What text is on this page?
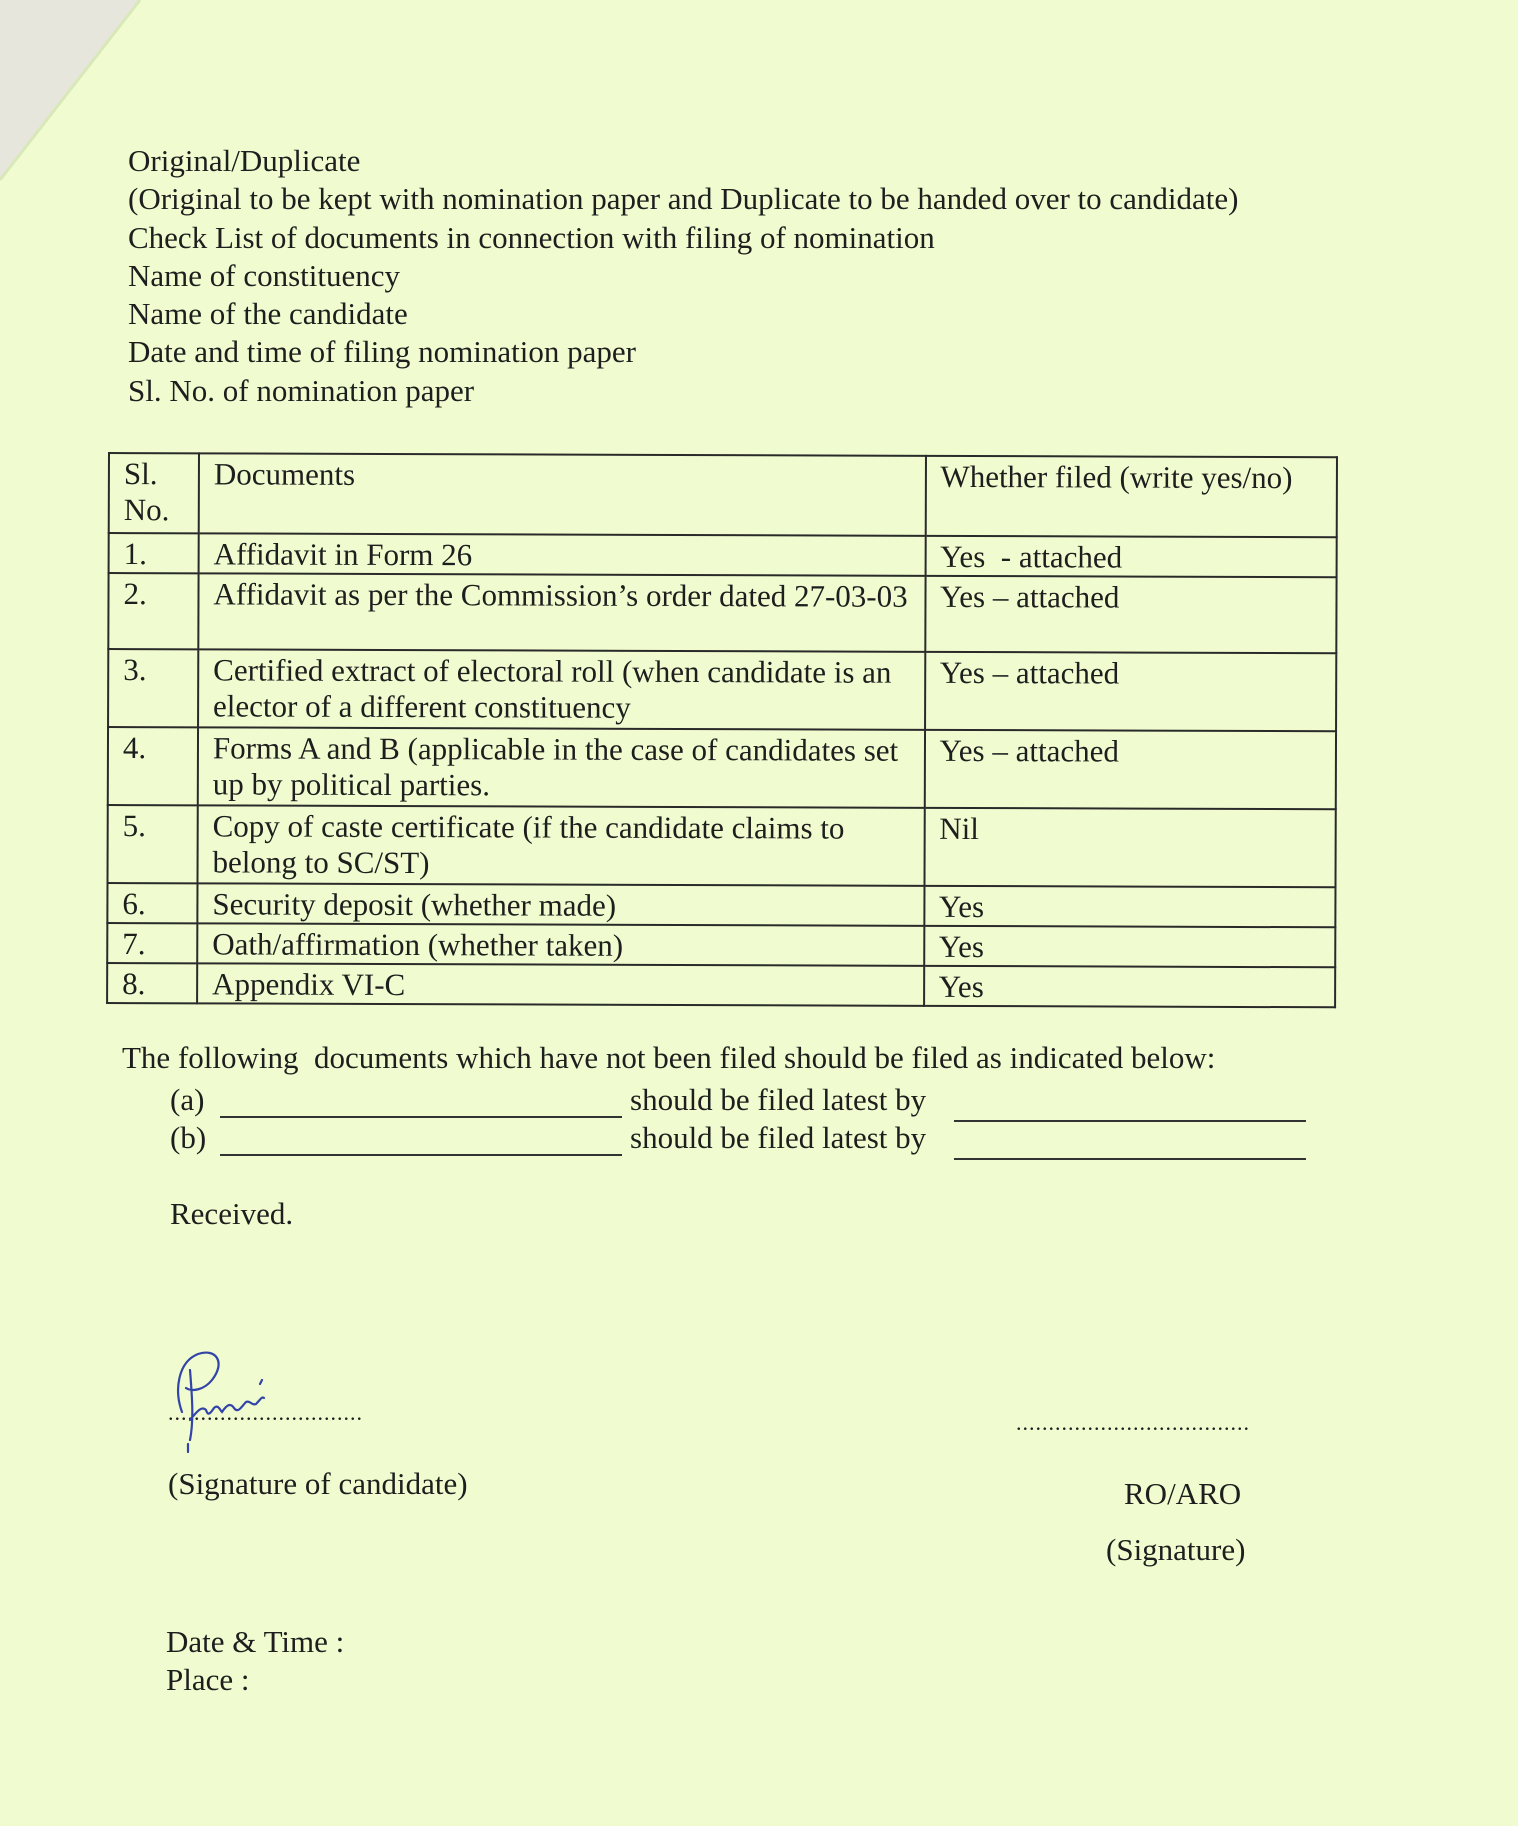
Original/Duplicate
(Original to be kept with nomination paper and Duplicate to be handed over to candidate)
Check List of documents in connection with filing of nomination
Name of constituency
Name of the candidate
Date and time of filing nomination paper
Sl. No. of nomination paper
Sl. No.	Documents	Whether filed (write yes/no)
1.	Affidavit in Form 26	Yes  - attached
2.	Affidavit as per the Commission’s order dated 27-03-03	Yes – attached
3.	Certified extract of electoral roll (when candidate is an elector of a different constituency	Yes – attached
4.	Forms A and B (applicable in the case of candidates set up by political parties.	Yes – attached
5.	Copy of caste certificate (if the candidate claims to belong to SC/ST)	Nil
6.	Security deposit (whether made)	Yes
7.	Oath/affirmation (whether taken)	Yes
8.	Appendix VI-C	Yes
The following  documents which have not been filed should be filed as indicated below:
(a)	should be filed latest by
(b)	should be filed latest by
Received.
..............................
(Signature of candidate)
....................................
RO/ARO
(Signature)
Date & Time :
Place :
